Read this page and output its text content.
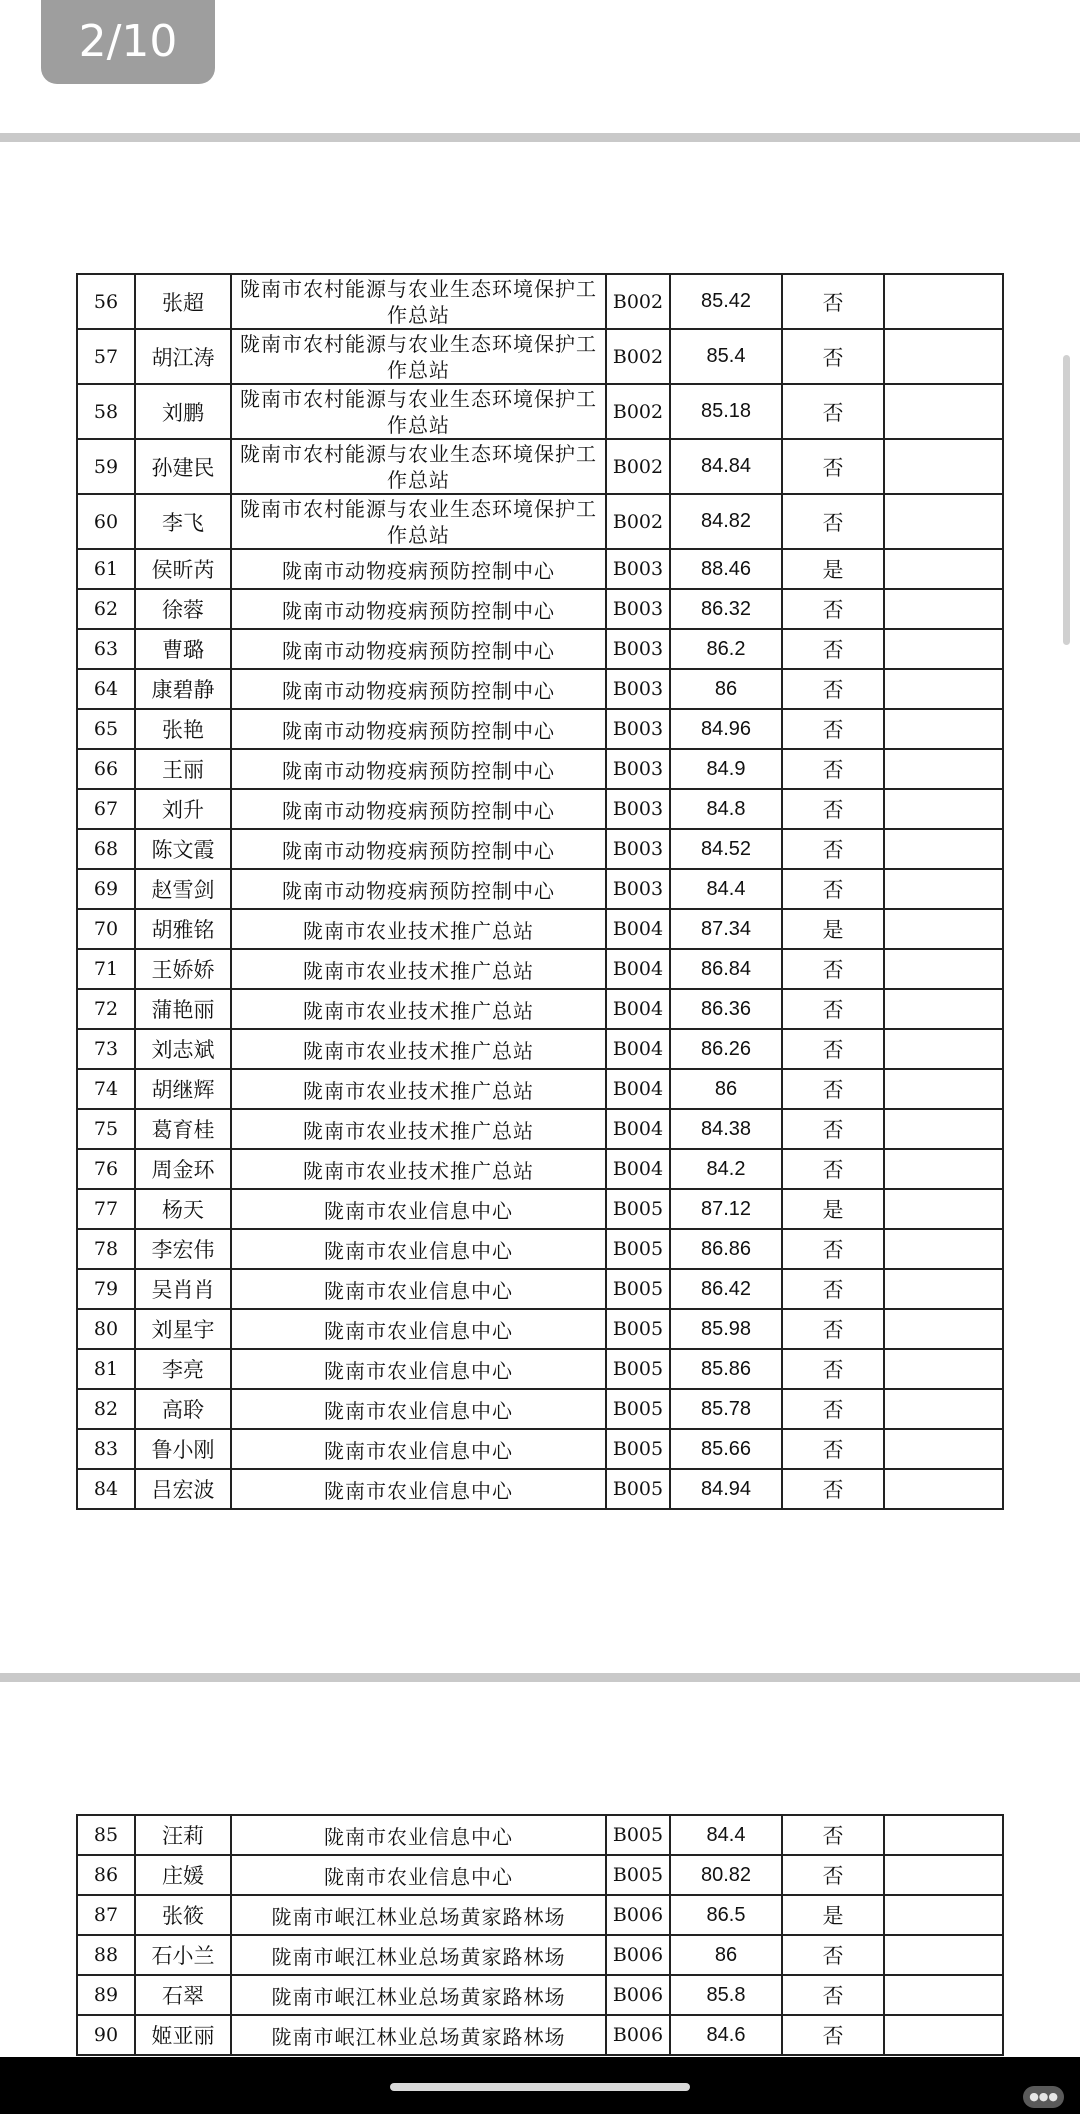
2/10
56	张超	陇南市农村能源与农业生态环境保护工作总站	B002	85.42	否	
57	胡江涛	陇南市农村能源与农业生态环境保护工作总站	B002	85.4	否	
58	刘鹏	陇南市农村能源与农业生态环境保护工作总站	B002	85.18	否	
59	孙建民	陇南市农村能源与农业生态环境保护工作总站	B002	84.84	否	
60	李飞	陇南市农村能源与农业生态环境保护工作总站	B002	84.82	否	
61	侯昕芮	陇南市动物疫病预防控制中心	B003	88.46	是	
62	徐蓉	陇南市动物疫病预防控制中心	B003	86.32	否	
63	曹璐	陇南市动物疫病预防控制中心	B003	86.2	否	
64	康碧静	陇南市动物疫病预防控制中心	B003	86	否	
65	张艳	陇南市动物疫病预防控制中心	B003	84.96	否	
66	王丽	陇南市动物疫病预防控制中心	B003	84.9	否	
67	刘升	陇南市动物疫病预防控制中心	B003	84.8	否	
68	陈文霞	陇南市动物疫病预防控制中心	B003	84.52	否	
69	赵雪剑	陇南市动物疫病预防控制中心	B003	84.4	否	
70	胡雅铭	陇南市农业技术推广总站	B004	87.34	是	
71	王娇娇	陇南市农业技术推广总站	B004	86.84	否	
72	蒲艳丽	陇南市农业技术推广总站	B004	86.36	否	
73	刘志斌	陇南市农业技术推广总站	B004	86.26	否	
74	胡继辉	陇南市农业技术推广总站	B004	86	否	
75	葛育桂	陇南市农业技术推广总站	B004	84.38	否	
76	周金环	陇南市农业技术推广总站	B004	84.2	否	
77	杨天	陇南市农业信息中心	B005	87.12	是	
78	李宏伟	陇南市农业信息中心	B005	86.86	否	
79	吴肖肖	陇南市农业信息中心	B005	86.42	否	
80	刘星宇	陇南市农业信息中心	B005	85.98	否	
81	李亮	陇南市农业信息中心	B005	85.86	否	
82	高聆	陇南市农业信息中心	B005	85.78	否	
83	鲁小刚	陇南市农业信息中心	B005	85.66	否	
84	吕宏波	陇南市农业信息中心	B005	84.94	否	
85	汪莉	陇南市农业信息中心	B005	84.4	否	
86	庄媛	陇南市农业信息中心	B005	80.82	否	
87	张筱	陇南市岷江林业总场黄家路林场	B006	86.5	是	
88	石小兰	陇南市岷江林业总场黄家路林场	B006	86	否	
89	石翠	陇南市岷江林业总场黄家路林场	B006	85.8	否	
90	姬亚丽	陇南市岷江林业总场黄家路林场	B006	84.6	否	
●●●
